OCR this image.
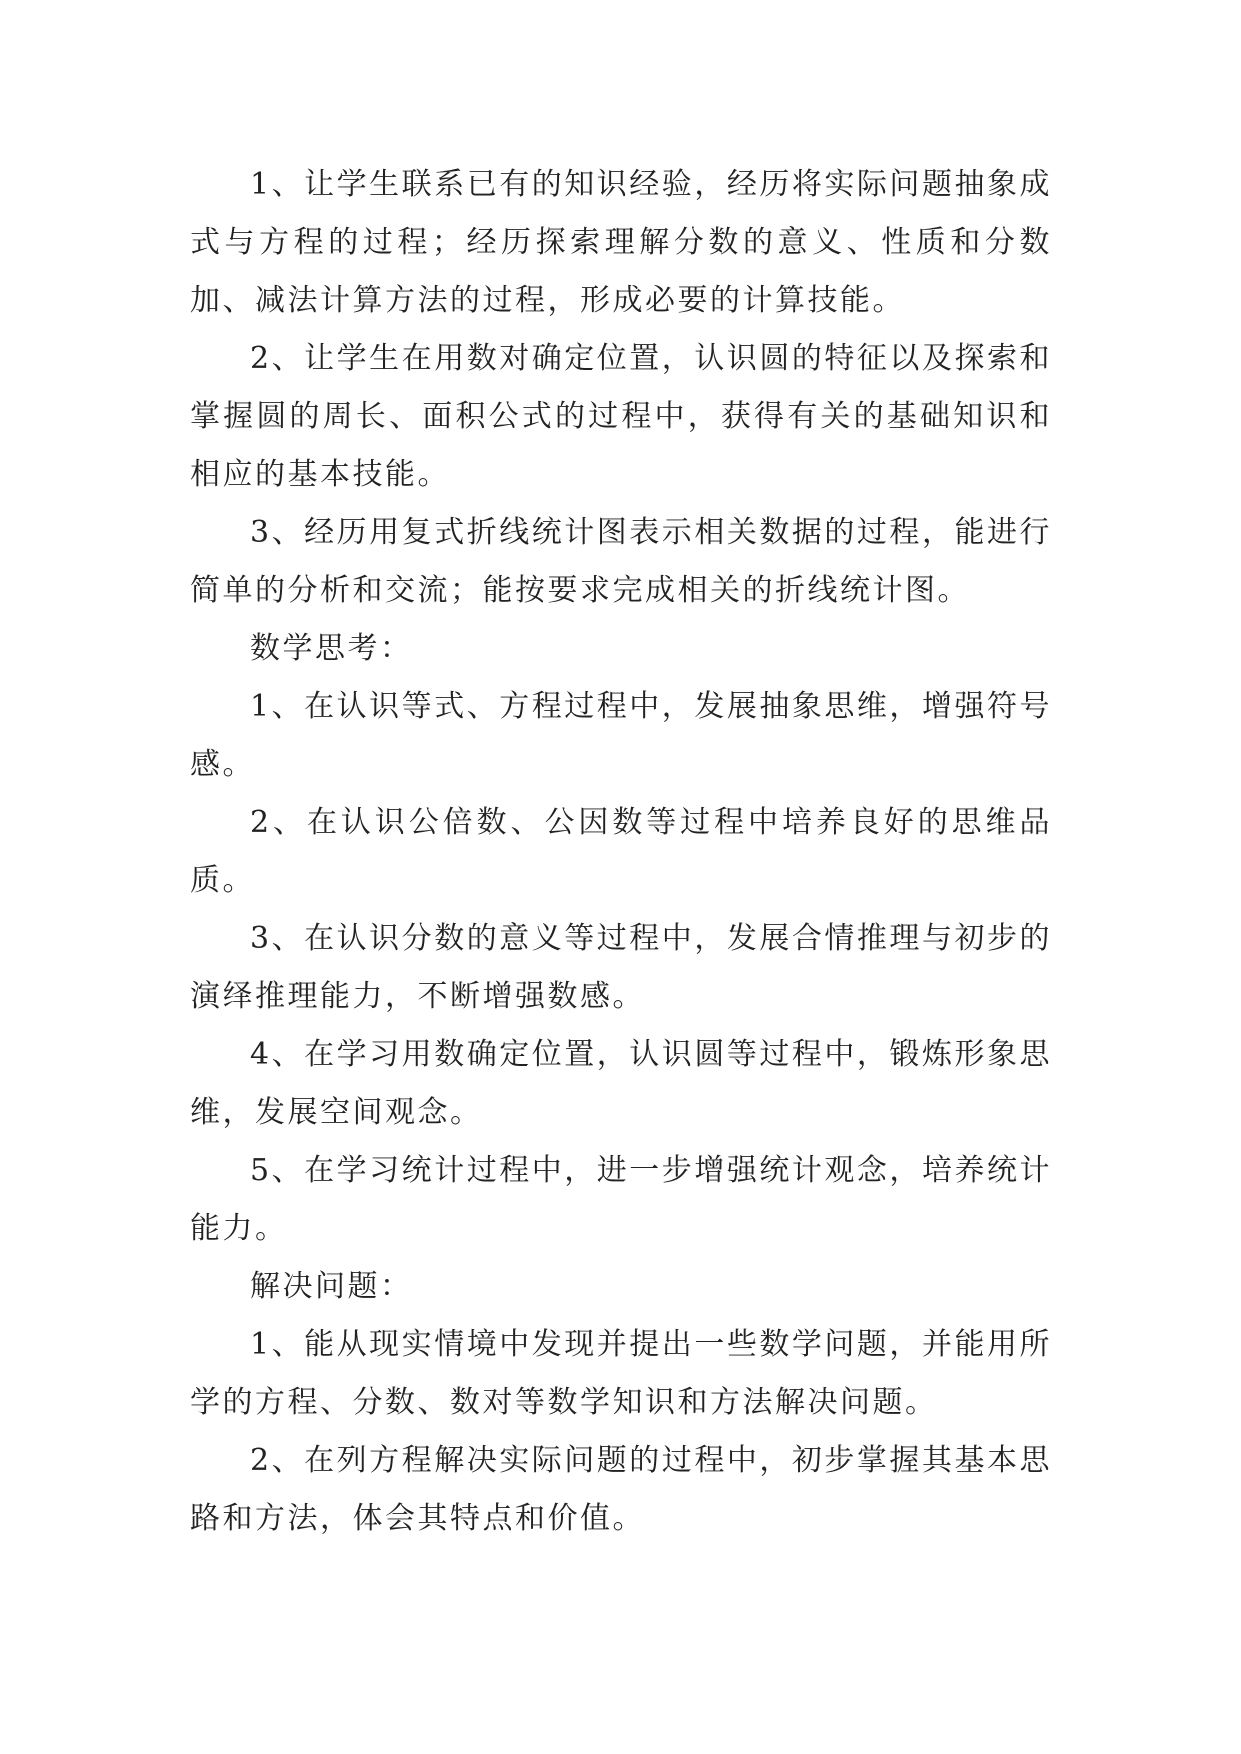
1、让学生联系已有的知识经验，经历将实际问题抽象成式与方程的过程；经历探索理解分数的意义、性质和分数加、减法计算方法的过程，形成必要的计算技能。

2、让学生在用数对确定位置，认识圆的特征以及探索和掌握圆的周长、面积公式的过程中，获得有关的基础知识和相应的基本技能。

3、经历用复式折线统计图表示相关数据的过程，能进行简单的分析和交流；能按要求完成相关的折线统计图。

数学思考：

1、在认识等式、方程过程中，发展抽象思维，增强符号感。

2、在认识公倍数、公因数等过程中培养良好的思维品质。

3、在认识分数的意义等过程中，发展合情推理与初步的演绎推理能力，不断增强数感。

4、在学习用数确定位置，认识圆等过程中，锻炼形象思维，发展空间观念。

5、在学习统计过程中，进一步增强统计观念，培养统计能力。

解决问题：

1、能从现实情境中发现并提出一些数学问题，并能用所学的方程、分数、数对等数学知识和方法解决问题。

2、在列方程解决实际问题的过程中，初步掌握其基本思路和方法，体会其特点和价值。
